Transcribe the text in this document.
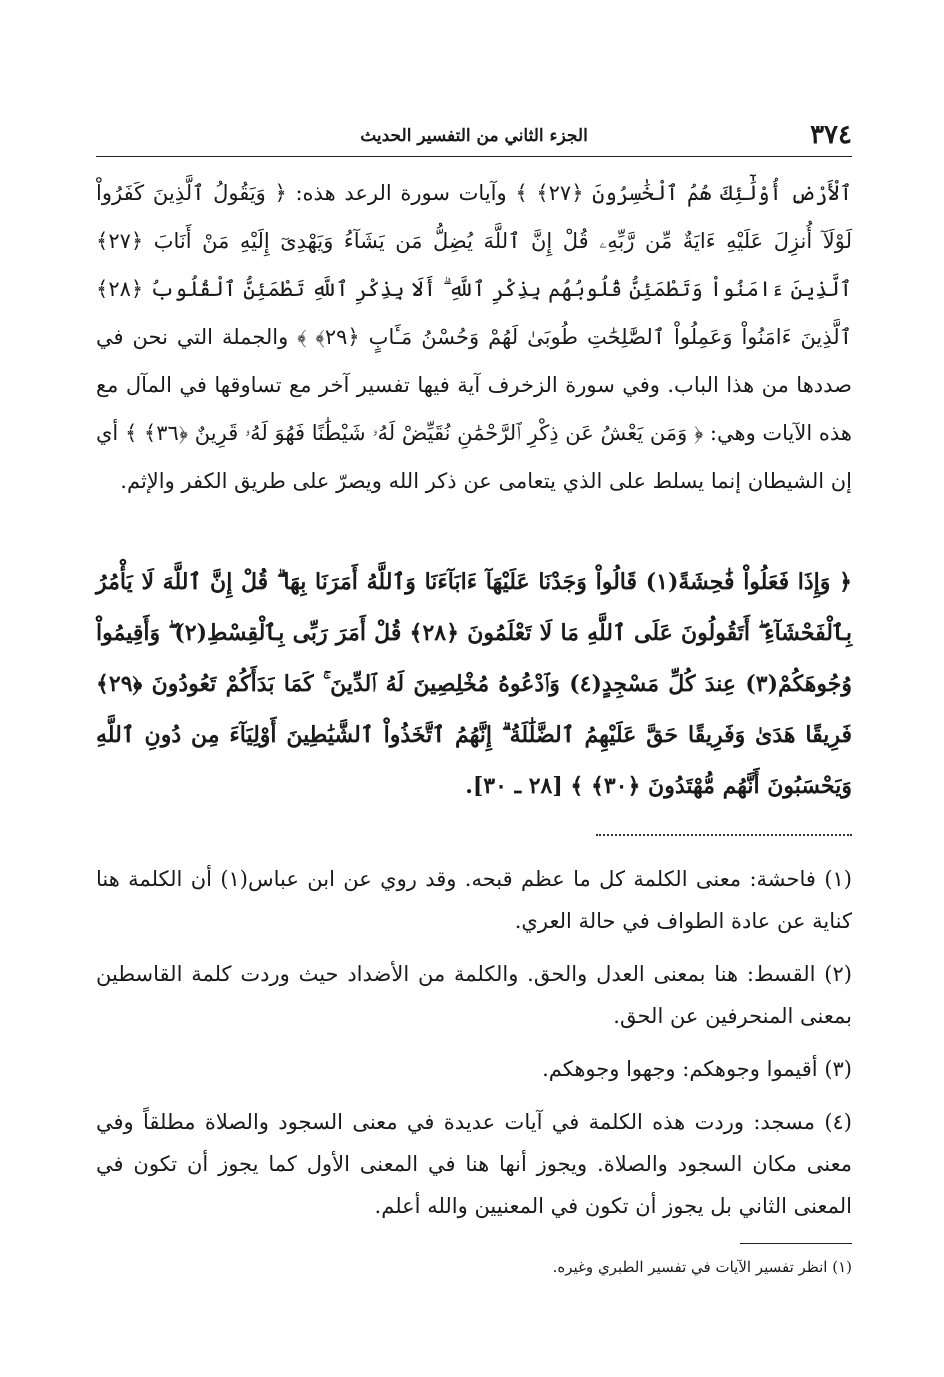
٣٧٤
الجزء الثاني من التفسير الحديث

ٱلْأَرْضِ أُوْلَٰٓئِكَ هُمُ ٱلْخَٰسِرُونَ ﴿٢٧﴾ ﴾ وآيات سورة الرعد هذه: ﴿ وَيَقُولُ ٱلَّذِينَ كَفَرُواْ لَوْلَآ أُنزِلَ عَلَيْهِ ءَايَةٌ مِّن رَّبِّهِۦ قُلْ إِنَّ ٱللَّهَ يُضِلُّ مَن يَشَآءُ وَيَهْدِىٓ إِلَيْهِ مَنْ أَنَابَ ﴿٢٧﴾ ٱلَّذِينَ ءَامَنُواْ وَتَطْمَئِنُّ قُلُوبُهُم بِذِكْرِ ٱللَّهِ ۗ أَلَا بِذِكْرِ ٱللَّهِ تَطْمَئِنُّ ٱلْقُلُوبُ ﴿٢٨﴾ ٱلَّذِينَ ءَامَنُواْ وَعَمِلُواْ ٱلصَّٰلِحَٰتِ طُوبَىٰ لَهُمْ وَحُسْنُ مَـَٔابٍ ﴿٢٩﴾ ﴾ والجملة التي نحن في صددها من هذا الباب. وفي سورة الزخرف آية فيها تفسير آخر مع تساوقها في المآل مع هذه الآيات وهي: ﴿ وَمَن يَعْشُ عَن ذِكْرِ ٱلرَّحْمَٰنِ نُقَيِّضْ لَهُۥ شَيْطَٰنًا فَهُوَ لَهُۥ قَرِينٌ ﴿٣٦﴾ ﴾ أي إن الشيطان إنما يسلط على الذي يتعامى عن ذكر الله ويصرّ على طريق الكفر والإثم.

﴿ وَإِذَا فَعَلُواْ فَٰحِشَةً(١) قَالُواْ وَجَدْنَا عَلَيْهَآ ءَابَآءَنَا وَٱللَّهُ أَمَرَنَا بِهَا ۗ قُلْ إِنَّ ٱللَّهَ لَا يَأْمُرُ بِٱلْفَحْشَآءِ ۖ أَتَقُولُونَ عَلَى ٱللَّهِ مَا لَا تَعْلَمُونَ ﴿٢٨﴾ قُلْ أَمَرَ رَبِّى بِٱلْقِسْطِ(٢) ۖ وَأَقِيمُواْ وُجُوهَكُمْ(٣) عِندَ كُلِّ مَسْجِدٍ(٤) وَٱدْعُوهُ مُخْلِصِينَ لَهُ ٱلدِّينَ ۚ كَمَا بَدَأَكُمْ تَعُودُونَ ﴿٢٩﴾ فَرِيقًا هَدَىٰ وَفَرِيقًا حَقَّ عَلَيْهِمُ ٱلضَّلَٰلَةُ ۗ إِنَّهُمُ ٱتَّخَذُواْ ٱلشَّيَٰطِينَ أَوْلِيَآءَ مِن دُونِ ٱللَّهِ وَيَحْسَبُونَ أَنَّهُم مُّهْتَدُونَ ﴿٣٠﴾ ﴾ [٢٨ ـ ٣٠].

(١) فاحشة: معنى الكلمة كل ما عظم قبحه. وقد روي عن ابن عباس(١) أن الكلمة هنا كناية عن عادة الطواف في حالة العري.

(٢) القسط: هنا بمعنى العدل والحق. والكلمة من الأضداد حيث وردت كلمة القاسطين بمعنى المنحرفين عن الحق.

(٣) أقيموا وجوهكم: وجهوا وجوهكم.

(٤) مسجد: وردت هذه الكلمة في آيات عديدة في معنى السجود والصلاة مطلقاً وفي معنى مكان السجود والصلاة. ويجوز أنها هنا في المعنى الأول كما يجوز أن تكون في المعنى الثاني بل يجوز أن تكون في المعنيين والله أعلم.

(١) انظر تفسير الآيات في تفسير الطبري وغيره.
